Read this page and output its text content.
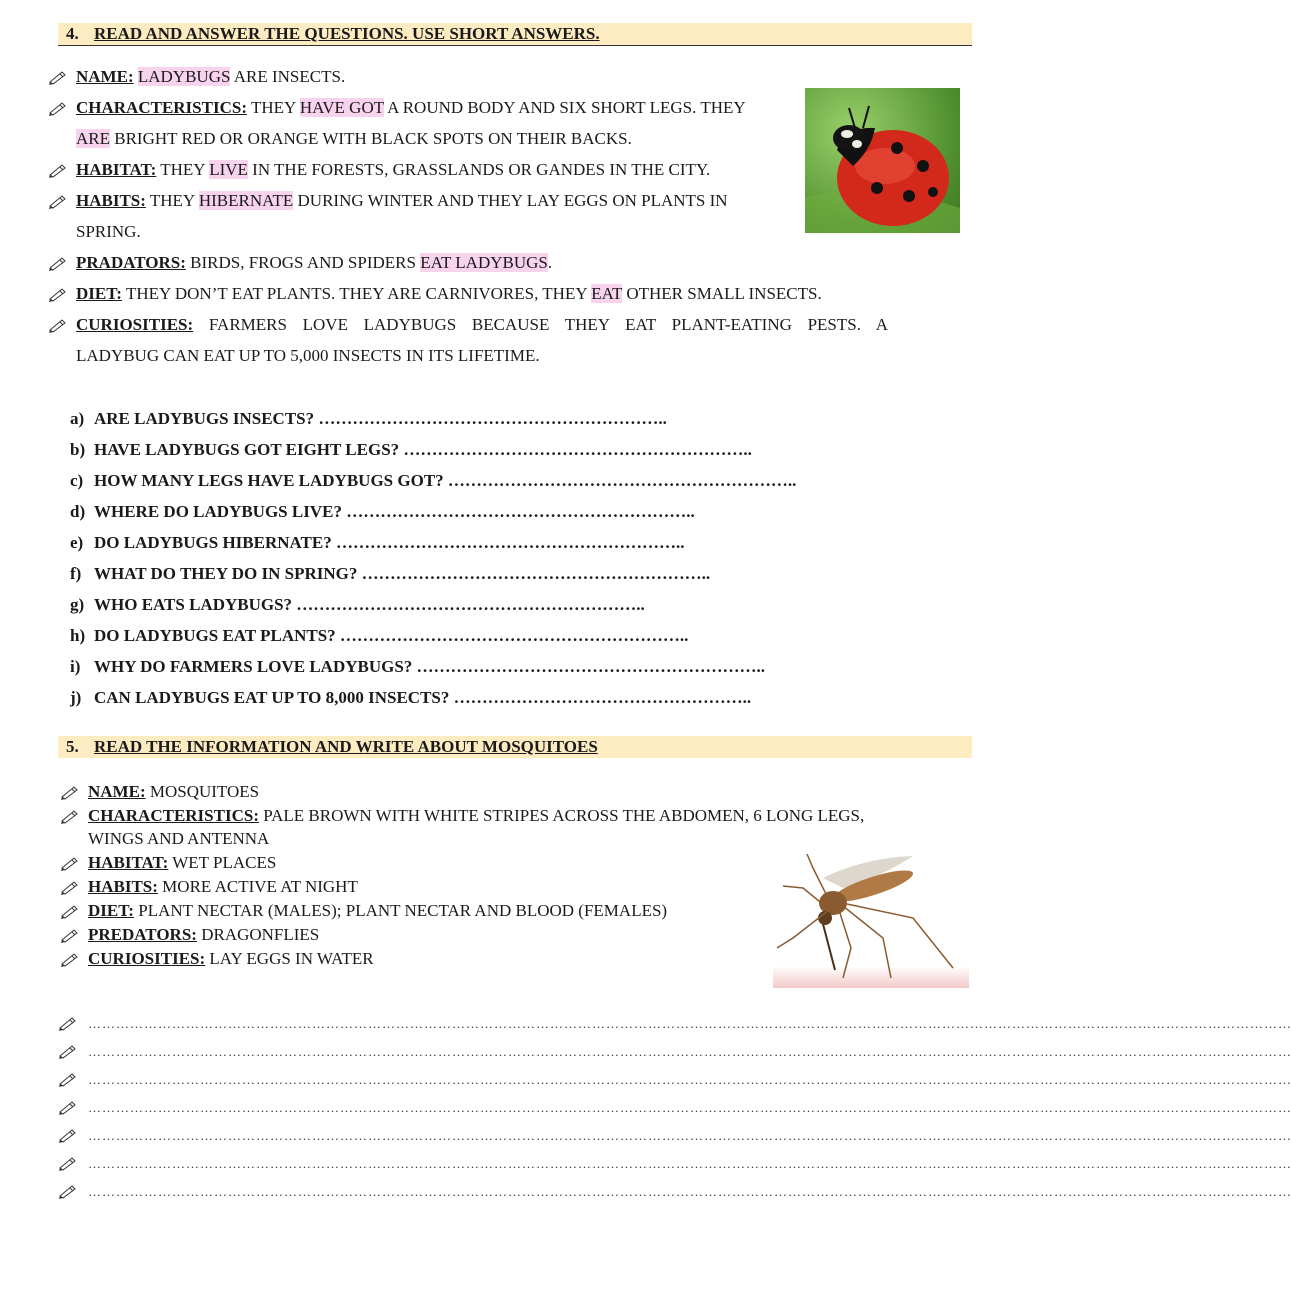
4. READ AND ANSWER THE QUESTIONS. USE SHORT ANSWERS.
NAME: LADYBUGS ARE INSECTS.
CHARACTERISTICS: THEY HAVE GOT A ROUND BODY AND SIX SHORT LEGS. THEY
ARE BRIGHT RED OR ORANGE WITH BLACK SPOTS ON THEIR BACKS.
HABITAT: THEY LIVE IN THE FORESTS, GRASSLANDS OR GANDES IN THE CITY.
HABITS: THEY HIBERNATE DURING WINTER AND THEY LAY EGGS ON PLANTS IN
SPRING.
PRADATORS: BIRDS, FROGS AND SPIDERS EAT LADYBUGS.
DIET: THEY DON’T EAT PLANTS. THEY ARE CARNIVORES, THEY EAT OTHER SMALL INSECTS.
CURIOSITIES: FARMERS LOVE LADYBUGS BECAUSE THEY EAT PLANT-EATING PESTS. A
LADYBUG CAN EAT UP TO 5,000 INSECTS IN ITS LIFETIME.
a) ARE LADYBUGS INSECTS? ……………………………………………………..
b) HAVE LADYBUGS GOT EIGHT LEGS? ……………………………………………………..
c) HOW MANY LEGS HAVE LADYBUGS GOT? ……………………………………………………..
d) WHERE DO LADYBUGS LIVE? ……………………………………………………..
e) DO LADYBUGS HIBERNATE? ……………………………………………………..
f) WHAT DO THEY DO IN SPRING? ……………………………………………………..
g) WHO EATS LADYBUGS? ……………………………………………………..
h) DO LADYBUGS EAT PLANTS? ……………………………………………………..
i) WHY DO FARMERS LOVE LADYBUGS? ……………………………………………………..
j) CAN LADYBUGS EAT UP TO 8,000 INSECTS? ……………………………………………..
5. READ THE INFORMATION AND WRITE ABOUT MOSQUITOES
NAME: MOSQUITOES
CHARACTERISTICS: PALE BROWN WITH WHITE STRIPES ACROSS THE ABDOMEN, 6 LONG LEGS,
WINGS AND ANTENNA
HABITAT: WET PLACES
HABITS: MORE ACTIVE AT NIGHT
DIET: PLANT NECTAR (MALES); PLANT NECTAR AND BLOOD (FEMALES)
PREDATORS: DRAGONFLIES
CURIOSITIES: LAY EGGS IN WATER
……………………………………………………………………………………………………………………………………………………………………………………………………………………………………
……………………………………………………………………………………………………………………………………………………………………………………………………………………………………
……………………………………………………………………………………………………………………………………………………………………………………………………………………………………
……………………………………………………………………………………………………………………………………………………………………………………………………………………………………
……………………………………………………………………………………………………………………………………………………………………………………………………………………………………
……………………………………………………………………………………………………………………………………………………………………………………………………………………………………
……………………………………………………………………………………………………………………………………………………………………………………………………………………………………
